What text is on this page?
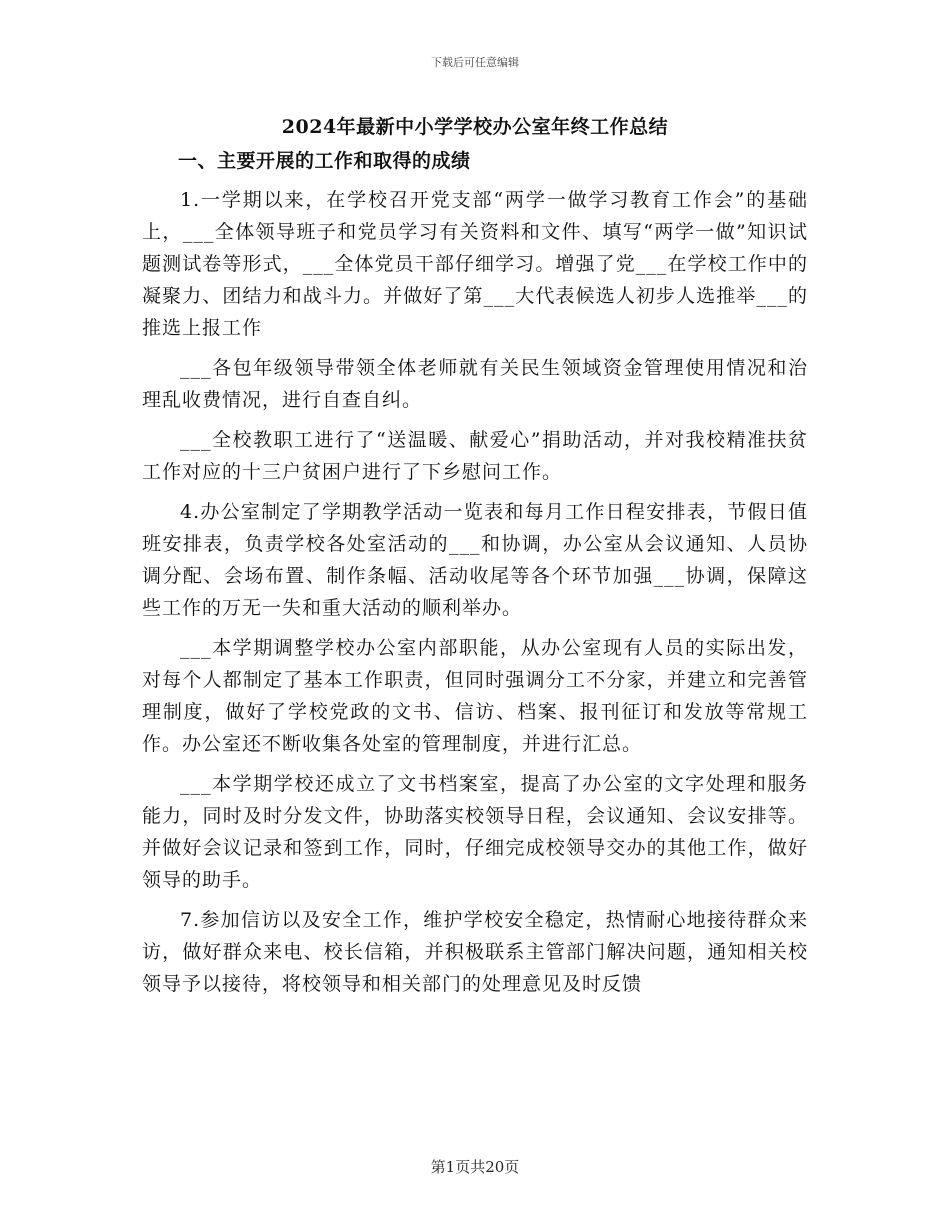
下载后可任意编辑
2024年最新中小学学校办公室年终工作总结
一、主要开展的工作和取得的成绩

1.一学期以来，在学校召开党支部“两学一做学习教育工作会”的基础上，___全体领导班子和党员学习有关资料和文件、填写“两学一做”知识试题测试卷等形式，___全体党员干部仔细学习。增强了党___在学校工作中的凝聚力、团结力和战斗力。并做好了第___大代表候选人初步人选推举___的推选上报工作

___各包年级领导带领全体老师就有关民生领域资金管理使用情况和治理乱收费情况，进行自查自纠。

___全校教职工进行了“送温暖、献爱心”捐助活动，并对我校精准扶贫工作对应的十三户贫困户进行了下乡慰问工作。

4.办公室制定了学期教学活动一览表和每月工作日程安排表，节假日值班安排表，负责学校各处室活动的___和协调，办公室从会议通知、人员协调分配、会场布置、制作条幅、活动收尾等各个环节加强___协调，保障这些工作的万无一失和重大活动的顺利举办。

___本学期调整学校办公室内部职能，从办公室现有人员的实际出发，对每个人都制定了基本工作职责，但同时强调分工不分家，并建立和完善管理制度，做好了学校党政的文书、信访、档案、报刊征订和发放等常规工作。办公室还不断收集各处室的管理制度，并进行汇总。

___本学期学校还成立了文书档案室，提高了办公室的文字处理和服务能力，同时及时分发文件，协助落实校领导日程，会议通知、会议安排等。并做好会议记录和签到工作，同时，仔细完成校领导交办的其他工作，做好领导的助手。

7.参加信访以及安全工作，维护学校安全稳定，热情耐心地接待群众来访，做好群众来电、校长信箱，并积极联系主管部门解决问题，通知相关校领导予以接待，将校领导和相关部门的处理意见及时反馈

第1页共20页
